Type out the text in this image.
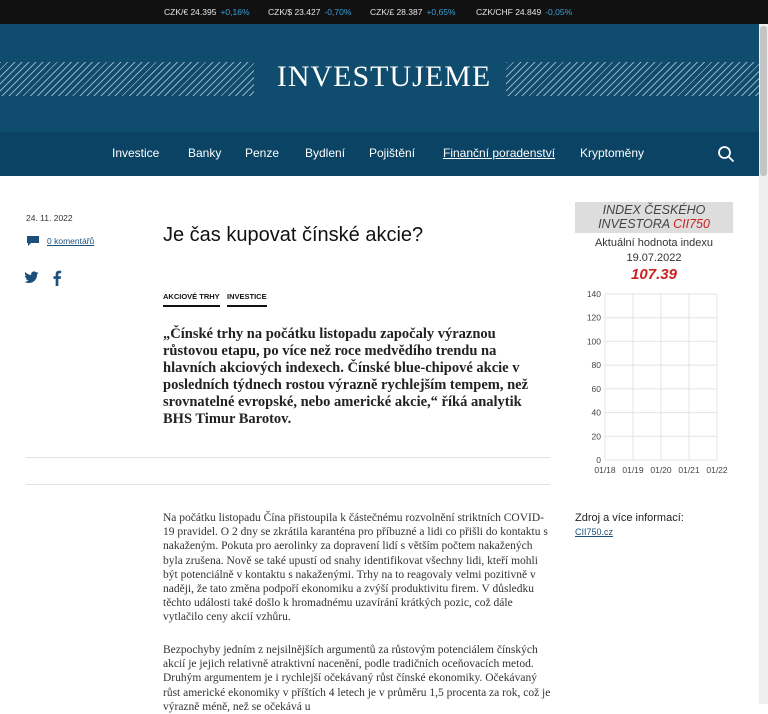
CZK/€ 24.395 +0,16% CZK/$ 23.427 -0,70% CZK/£ 28.387 +0,65% CZK/CHF 24.849 -0,05%
INVESTUJEME
Investice Banky Penze Bydlení Pojištění Finanční poradenství Kryptoměny
24. 11. 2022
0 komentářů	Je čas kupovat čínské akcie?
AKCIOVÉ TRHY INVESTICE
„Čínské trhy na počátku listopadu započaly výraznou růstovou etapu, po více než roce medvědího trendu na hlavních akciových indexech. Čínské blue-chipové akcie v posledních týdnech rostou výrazně rychlejším tempem, než srovnatelné evropské, nebo americké akcie,“ říká analytik BHS Timur Barotov.
Na počátku listopadu Čína přistoupila k částečnému rozvolnění striktních COVID-19 pravidel. O 2 dny se zkrátila karanténa pro příbuzné a lidi co přišli do kontaktu s nakaženým. Pokuta pro aerolinky za dopravení lidí s větším počtem nakažených byla zrušena. Nově se také upustí od snahy identifikovat všechny lidi, kteří mohli být potenciálně v kontaktu s nakaženými. Trhy na to reagovaly velmi pozitivně v naději, že tato změna podpoří ekonomiku a zvýší produktivitu firem. V důsledku těchto události také došlo k hromadnému uzavírání krátkých pozic, což dále vytlačilo ceny akcií vzhůru.
Bezpochyby jedním z nejsilnějších argumentů za růstovým potenciálem čínských akcií je jejich relativně atraktivní nacenění, podle tradičních oceňovacích metod. Druhým argumentem je i rychlejší očekávaný růst čínské ekonomiky. Očekávaný růst americké ekonomiky v příštích 4 letech je v průměru 1,5 procenta za rok, což je výrazně méně, než se očekává u
INDEX ČESKÉHO
INVESTORA CII750
Aktuální hodnota indexu
19.07.2022
107.39
140
120
100
80
60
40
20
0
01/18 01/19 01/20 01/21 01/22
Zdroj a více informací:
CII750.cz
